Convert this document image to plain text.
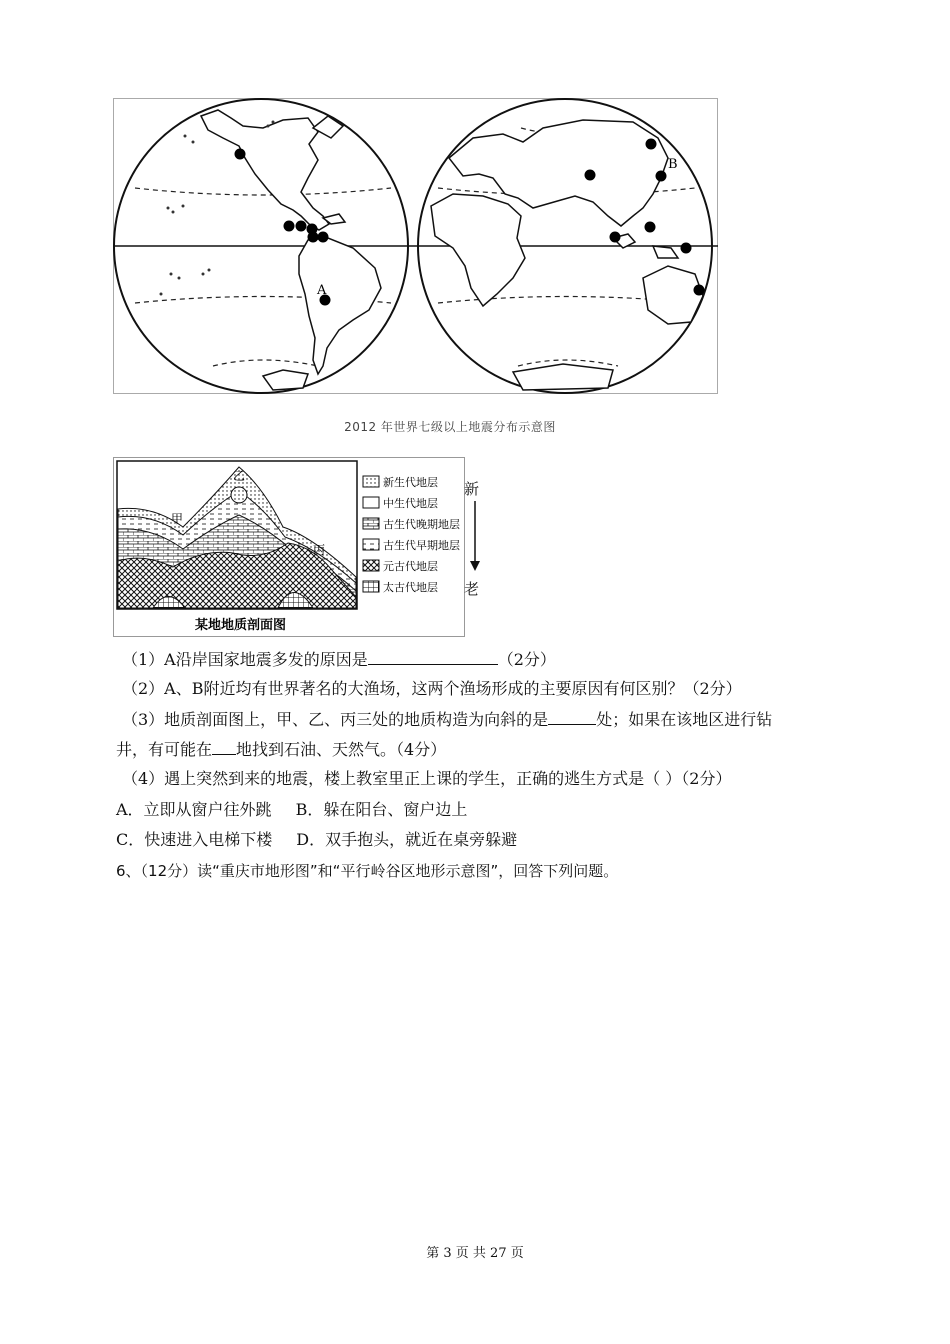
A
B
2012 年世界七级以上地震分布示意图
甲
乙
丙
某地地质剖面图
新生代地层
中生代地层
古生代晚期地层
古生代早期地层
元古代地层
太古代地层
新
老
（1）A沿岸国家地震多发的原因是	（2分）
（2）A、B附近均有世界著名的大渔场，这两个渔场形成的主要原因有何区别？（2分）
（3）地质剖面图上，甲、乙、丙三处的地质构造为向斜的是	处；如果在该地区进行钻
井，有可能在 地找到石油、天然气。（4分）
（4）遇上突然到来的地震，楼上教室里正上课的学生，正确的逃生方式是（ ）（2分）
A．立即从窗户往外跳 B．躲在阳台、窗户边上
C．快速进入电梯下楼 D．双手抱头，就近在桌旁躲避
6、（12分）读“重庆市地形图”和“平行岭谷区地形示意图”，回答下列问题。
第 3 页 共 27 页
